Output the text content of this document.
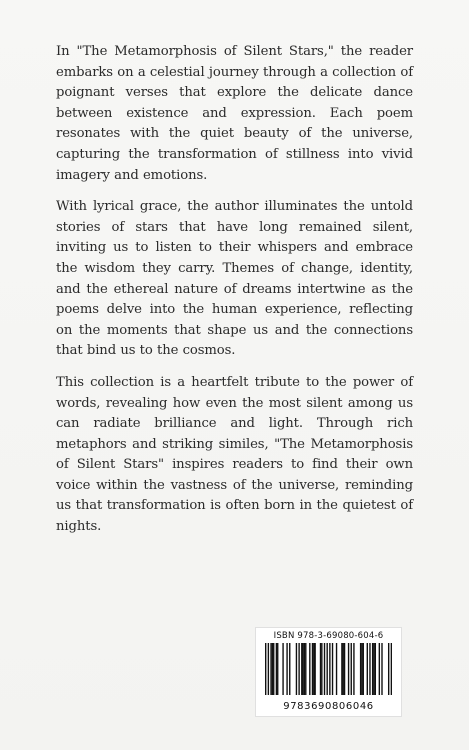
In "The Metamorphosis of Silent Stars," the reader embarks on a celestial journey through a collection of poignant verses that explore the delicate dance between existence and expression. Each poem resonates with the quiet beauty of the universe, capturing the transformation of stillness into vivid imagery and emotions.

With lyrical grace, the author illuminates the untold stories of stars that have long remained silent, inviting us to listen to their whispers and embrace the wisdom they carry. Themes of change, identity, and the ethereal nature of dreams intertwine as the poems delve into the human experience, reflecting on the moments that shape us and the connections that bind us to the cosmos.

This collection is a heartfelt tribute to the power of words, revealing how even the most silent among us can radiate brilliance and light. Through rich metaphors and striking similes, "The Metamorphosis of Silent Stars" inspires readers to find their own voice within the vastness of the universe, reminding us that transformation is often born in the quietest of nights.

ISBN 978-3-69080-604-6
9783690806046
